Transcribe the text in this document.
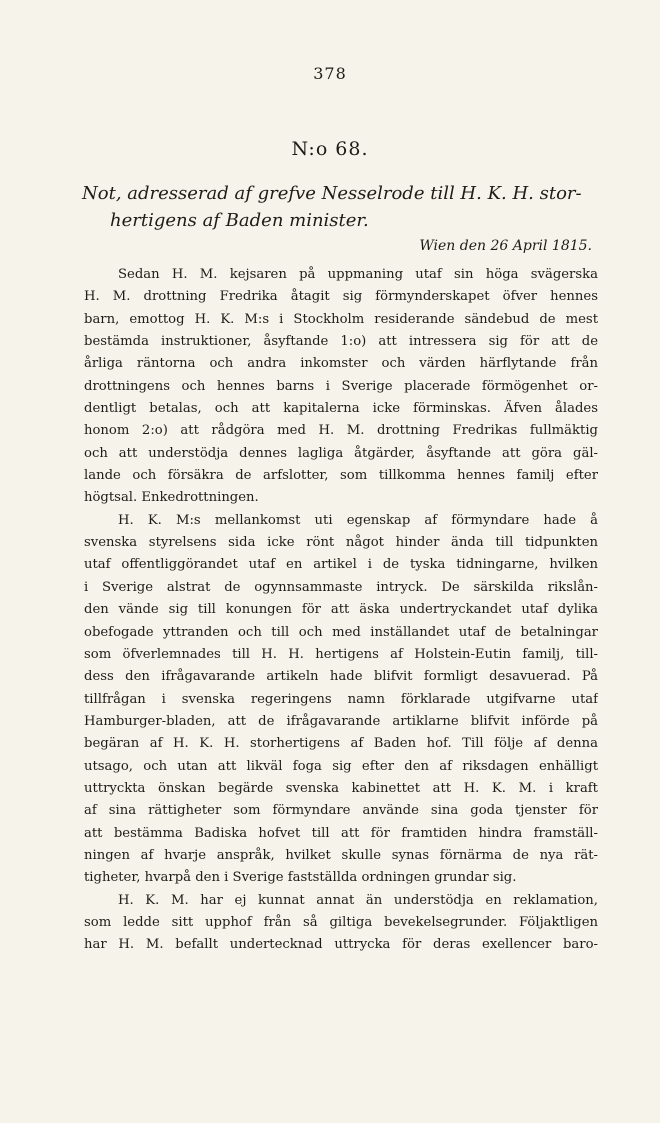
378
N:o 68.
Not, adresserad af grefve Nesselrode till H. K. H. stor-
hertigens af Baden minister.
Wien den 26 April 1815.
Sedan H. M. kejsaren på uppmaning utaf sin höga svägerska
H. M. drottning Fredrika åtagit sig förmynderskapet öfver hennes
barn, emottog H. K. M:s i Stockholm residerande sändebud de mest
bestämda instruktioner, åsyftande 1:o) att intressera sig för att de
årliga räntorna och andra inkomster och värden härflytande från
drottningens och hennes barns i Sverige placerade förmögenhet or-
dentligt betalas, och att kapitalerna icke förminskas. Äfven ålades
honom 2:o) att rådgöra med H. M. drottning Fredrikas fullmäktig
och att understödja dennes lagliga åtgärder, åsyftande att göra gäl-
lande och försäkra de arfslotter, som tillkomma hennes familj efter
högtsal. Enkedrottningen.
H. K. M:s mellankomst uti egenskap af förmyndare hade å
svenska styrelsens sida icke rönt något hinder ända till tidpunkten
utaf offentliggörandet utaf en artikel i de tyska tidningarne, hvilken
i Sverige alstrat de ogynnsammaste intryck. De särskilda rikslån-
den vände sig till konungen för att äska undertryckandet utaf dylika
obefogade yttranden och till och med inställandet utaf de betalningar
som öfverlemnades till H. H. hertigens af Holstein-Eutin familj, till-
dess den ifrågavarande artikeln hade blifvit formligt desavuerad. På
tillfrågan i svenska regeringens namn förklarade utgifvarne utaf
Hamburger-bladen, att de ifrågavarande artiklarne blifvit införde på
begäran af H. K. H. storhertigens af Baden hof. Till följe af denna
utsago, och utan att likväl foga sig efter den af riksdagen enhälligt
uttryckta önskan begärde svenska kabinettet att H. K. M. i kraft
af sina rättigheter som förmyndare använde sina goda tjenster för
att bestämma Badiska hofvet till att för framtiden hindra framställ-
ningen af hvarje anspråk, hvilket skulle synas förnärma de nya rät-
tigheter, hvarpå den i Sverige fastställda ordningen grundar sig.
H. K. M. har ej kunnat annat än understödja en reklamation,
som ledde sitt upphof från så giltiga bevekelsegrunder. Följaktligen
har H. M. befallt undertecknad uttrycka för deras exellencer baro-
